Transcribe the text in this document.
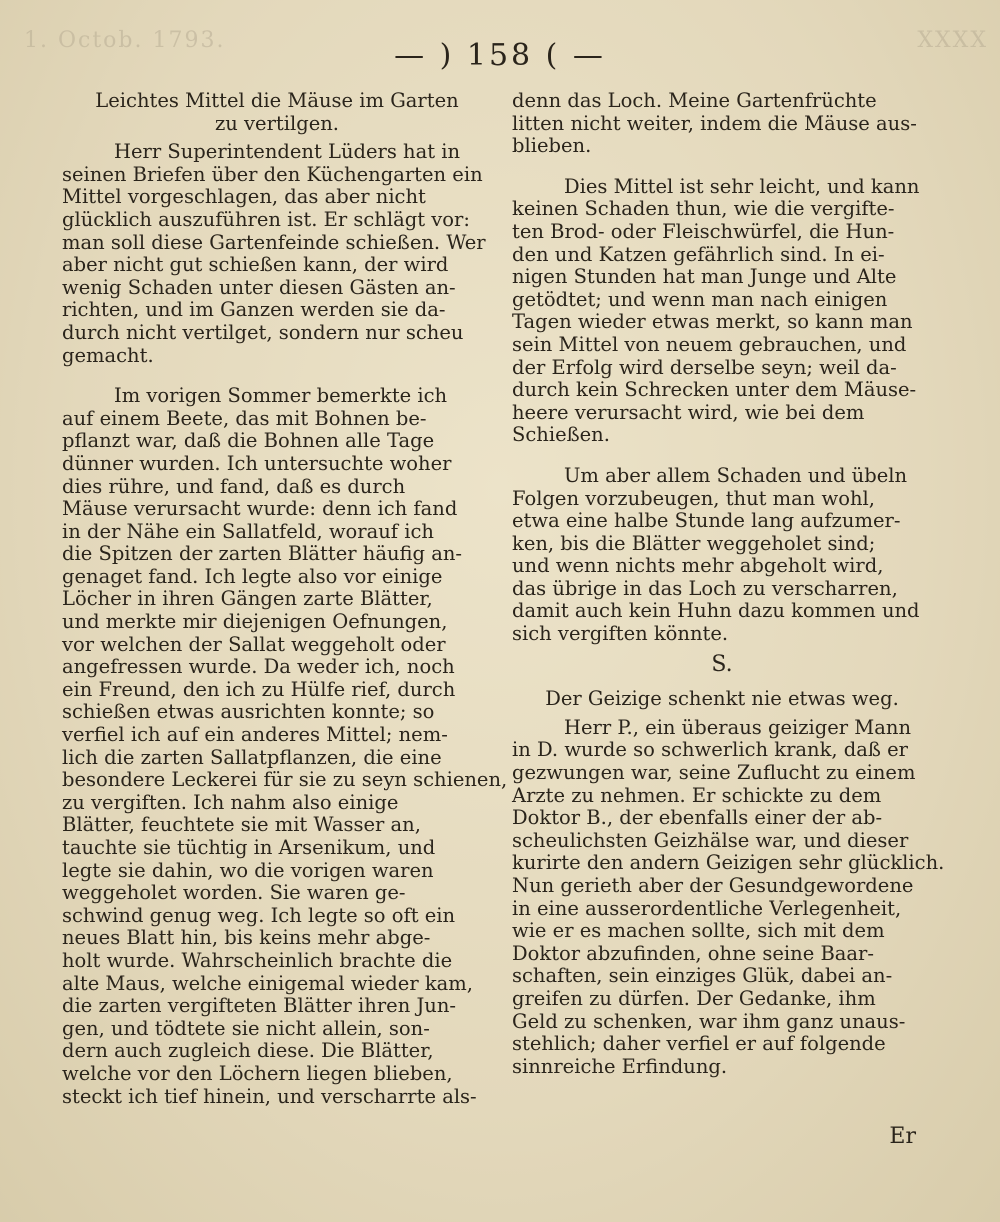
1. Octob. 1793.	XXXX
— ) 158 ( —

Leichtes Mittel die Mäuse im Garten
zu vertilgen.

Herr Superintendent Lüders hat in
seinen Briefen über den Küchengarten ein
Mittel vorgeschlagen, das aber nicht
glücklich auszuführen ist. Er schlägt vor:
man soll diese Gartenfeinde schießen. Wer
aber nicht gut schießen kann, der wird
wenig Schaden unter diesen Gästen an-
richten, und im Ganzen werden sie da-
durch nicht vertilget, sondern nur scheu
gemacht.
Im vorigen Sommer bemerkte ich
auf einem Beete, das mit Bohnen be-
pflanzt war, daß die Bohnen alle Tage
dünner wurden. Ich untersuchte woher
dies rühre, und fand, daß es durch
Mäuse verursacht wurde: denn ich fand
in der Nähe ein Sallatfeld, worauf ich
die Spitzen der zarten Blätter häufig an-
genaget fand. Ich legte also vor einige
Löcher in ihren Gängen zarte Blätter,
und merkte mir diejenigen Oefnungen,
vor welchen der Sallat weggeholt oder
angefressen wurde. Da weder ich, noch
ein Freund, den ich zu Hülfe rief, durch
schießen etwas ausrichten konnte; so
verfiel ich auf ein anderes Mittel; nem-
lich die zarten Sallatpflanzen, die eine
besondere Leckerei für sie zu seyn schienen,
zu vergiften. Ich nahm also einige
Blätter, feuchtete sie mit Wasser an,
tauchte sie tüchtig in Arsenikum, und
legte sie dahin, wo die vorigen waren
weggeholet worden. Sie waren ge-
schwind genug weg. Ich legte so oft ein
neues Blatt hin, bis keins mehr abge-
holt wurde. Wahrscheinlich brachte die
alte Maus, welche einigemal wieder kam,
die zarten vergifteten Blätter ihren Jun-
gen, und tödtete sie nicht allein, son-
dern auch zugleich diese. Die Blätter,
welche vor den Löchern liegen blieben,
steckt ich tief hinein, und verscharrte als-
denn das Loch. Meine Gartenfrüchte
litten nicht weiter, indem die Mäuse aus-
blieben.
Dies Mittel ist sehr leicht, und kann
keinen Schaden thun, wie die vergifte-
ten Brod- oder Fleischwürfel, die Hun-
den und Katzen gefährlich sind. In ei-
nigen Stunden hat man Junge und Alte
getödtet; und wenn man nach einigen
Tagen wieder etwas merkt, so kann man
sein Mittel von neuem gebrauchen, und
der Erfolg wird derselbe seyn; weil da-
durch kein Schrecken unter dem Mäuse-
heere verursacht wird, wie bei dem
Schießen.
Um aber allem Schaden und übeln
Folgen vorzubeugen, thut man wohl,
etwa eine halbe Stunde lang aufzumer-
ken, bis die Blätter weggeholet sind;
und wenn nichts mehr abgeholt wird,
das übrige in das Loch zu verscharren,
damit auch kein Huhn dazu kommen und
sich vergiften könnte.
S.

Der Geizige schenkt nie etwas weg.

Herr P., ein überaus geiziger Mann
in D. wurde so schwerlich krank, daß er
gezwungen war, seine Zuflucht zu einem
Arzte zu nehmen. Er schickte zu dem
Doktor B., der ebenfalls einer der ab-
scheulichsten Geizhälse war, und dieser
kurirte den andern Geizigen sehr glücklich.
Nun gerieth aber der Gesundgewordene
in eine ausserordentliche Verlegenheit,
wie er es machen sollte, sich mit dem
Doktor abzufinden, ohne seine Baar-
schaften, sein einziges Glük, dabei an-
greifen zu dürfen. Der Gedanke, ihm
Geld zu schenken, war ihm ganz unaus-
stehlich; daher verfiel er auf folgende
sinnreiche Erfindung.
Er
